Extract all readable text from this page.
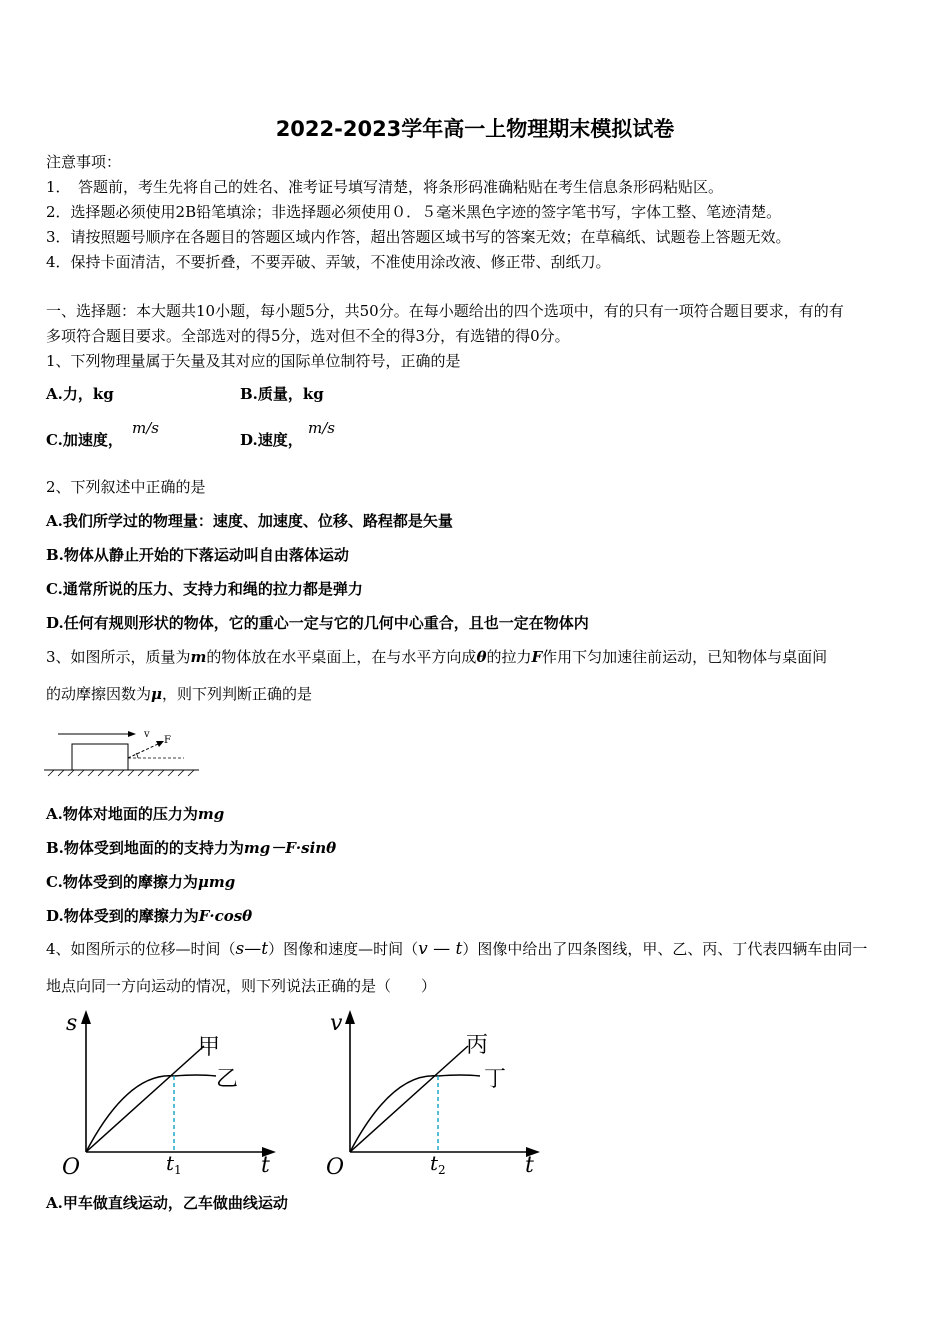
2022-2023学年高一上物理期末模拟试卷
注意事项：
1．　答题前，考生先将自己的姓名、准考证号填写清楚，将条形码准确粘贴在考生信息条形码粘贴区。
2．选择题必须使用2B铅笔填涂；非选择题必须使用０．５毫米黑色字迹的签字笔书写，字体工整、笔迹清楚。
3．请按照题号顺序在各题目的答题区域内作答，超出答题区域书写的答案无效；在草稿纸、试题卷上答题无效。
4．保持卡面清洁，不要折叠，不要弄破、弄皱，不准使用涂改液、修正带、刮纸刀。
一、选择题：本大题共10小题，每小题5分，共50分。在每小题给出的四个选项中，有的只有一项符合题目要求，有的有
多项符合题目要求。全部选对的得5分，选对但不全的得3分，有选错的得0分。
1、下列物理量属于矢量及其对应的国际单位制符号，正确的是
A.力，kg	B.质量，kg
C.加速度，
m/s
D.速度，
m/s
2、下列叙述中正确的是
A.我们所学过的物理量：速度、加速度、位移、路程都是矢量
B.物体从静止开始的下落运动叫自由落体运动
C.通常所说的压力、支持力和绳的拉力都是弹力
D.任何有规则形状的物体，它的重心一定与它的几何中心重合，且也一定在物体内
3、如图所示，质量为m的物体放在水平桌面上，在与水平方向成θ的拉力F作用下匀加速往前运动，已知物体与桌面间
的动摩擦因数为μ，则下列判断正确的是
v
F
A.物体对地面的压力为mg
B.物体受到地面的的支持力为mg－F·sinθ
C.物体受到的摩擦力为μmg
D.物体受到的摩擦力为F·cosθ
4、如图所示的位移—时间（s—t）图像和速度—时间（v — t）图像中给出了四条图线，甲、乙、丙、丁代表四辆车由同一
地点向同一方向运动的情况，则下列说法正确的是（　　）
s
t
O	t 1
甲
乙
v
t
O	t 2
丙
丁
A.甲车做直线运动，乙车做曲线运动
